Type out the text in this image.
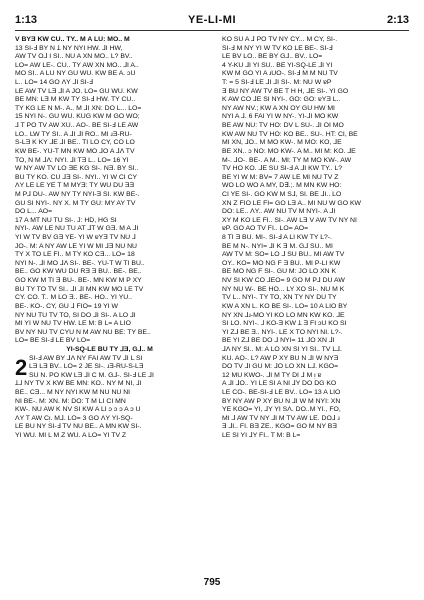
1:13	YE-LI-MI	2:13
V BYƎ KW CU.. TY.. M A LU: MO.. M
13 SI-Ⅎ BY N Ʇ NY NYI HW. ⅃I HW,
AW TV O⅃ I SI.. NU A XN MO.. L? BV..
LO= AW LE-. CU.. TY AW XN MO.. ⅃I A..
MO SI.. A LU NY GU WU. KW BE A. ↄU
L.. LO= 14 GO ΛY ⅃I SI-Ⅎ
LE AW TV LƎ ⅃I A JO. LO= GU WU. KW
BE MN: LƎ M KW TY SI-Ⅎ HW. TY CU..
TY KG LE N M-. A.. M ⅃I XN: DO L... LO=
15 NYI N-. GU WU. KUG KW M GO WO;
⅃ T PO TV AW XU.. AO-. BE SI-Ⅎ LE AW
LO.. LW TY SI.. A ⅃I ⅃I RO.. MI ɹƎ-RU-
S-LƎ K KY ⅃E ⅃I BE.. TI LO CY, CO LO
KW BE-. YU-T MN KW MO ⅃O A ⅃Λ TV
TO, N M ⅃Λ: NYI. ⅃I TƎ L.. LO= 16 YI
W NY AW TV LO ƎE KG SI-. NƎ. BY SI..
BU TY KO. CU ⅃Ǝ SI-. NYI.. YI W CI CY
ΛY LE LE YE T M MYƎ: TY WU DU ƎƎ
M P⅃ DU-. AW NY TY NYI-Ǝ SI. KW BE-.
GU SI NYI-. NY X. M TY GU: MY AY TV
DO L... AO=
17 A MT NU TU SI-. J: HD, HG SI
NYI-. AW LE NU TU AT ⅃T W GƎ. M A ⅃I
YI W TV BV GƎ YE- YI W ɐYƎ TV NU ⅃
JO-. M: A NY AW LE YI W MI ⅃Ǝ NU NU
TY X TO LE FI.. M TY KO CƎ... LO= 18
NYI N-. ⅃I MO ⅃Λ SI-. BE-. YU-T W TI BU..
BE.. GO KW WU DU RƎ Ǝ BU.. BE-. BE..
GO KW M TI Ǝ BU-. BE-. MN KW M P XY
BU TY TO TV SI.. ⅃I ⅃I MN KW MO LE TV
CY. CO. T.. M LO Ǝ.. BE-. HO.. YI YU..
BE-. KO-. CY, GU ⅃ FIO= 19 YI W
NY NU TU TV TO, SI DO ⅃I SI-. A LO ⅃I
MI YI W NU TV HW. LE M: B L= A LIO
BV NY NU TV CYU N M AW NU BE: TY BE..
LO= BE SI-Ⅎ LE BV LO=
YI-SQ-LE BU TY ⅃Ǝ, G⅃.. M
2 SI-Ⅎ AW BY ⅃Λ NY FAI AW TV ⅃I L SI
LƎ LƎ BV.. LO= 2 JE SI-. ɹƎ-RU-S-LƎ
SU N. PO KW LƎ ⅃I C M. G⅃-. SI-Ⅎ LE ⅃I
Ʇ⅃ NY TV X KW BE MN: KO.. NY M NI, ⅃I
BE.. CƎ... M NY NYI KW M NU NU NI
NI BE-. M: XN. M: DO: T M LI CI MN
KW-. NU AW K NV SI KW A LI ↄ ↄ ↄ A ↄ U
ΛY T AW Cᴉ. M⅃. LO= 3 GO ΛY YI-SQ-
LE BU NY SI-Ⅎ TV NU BE.. A MN KW SI-.
YI WU. MI L M Z WU. A LO= YI TV Z
KO SU A ⅃ PO TV NY CY... M CY, SI-.
SI-Ⅎ M NY YI W TV KO LE BE-. SI-Ⅎ
LE BV LO.. BE BY G⅃.. BV.. LO=
4 Y-KU ⅃I YI SU.. BE YI-SQ-LE ⅃I YI
KW M GO YI A ɹUO-. SI-Ⅎ M M NU TV
T: = 5 SI-Ⅎ LE ⅃I ⅃I SI-. M: NU W ɐP
Ǝ BU NY AW TV BE T H H, ⅃E SI-. YI GO
K AW CO ⅃E SI NYI-. GO: GO: ɐYƎ L..
NY AW NV.; KW A XN OY GU HW MI
NYI A ⅃. 6 FAI YI W NY-. YI-⅃I MO KW
BE AW NU: TV HO: DV L SU-. ⅃I OI MO
KW AW NU TV HO: KO BE.. SU-. HT: CI, BE
MI XN, ⅃O.. M MO KW-. M MO: KO, ⅃E
BE XN.. ↄ NO: MO KW-. A M.. MI M: KO. ⅃E
M-. ⅃O-. BE-. A M.. MI: TY M MO KW-. AW
TV HO KO. ⅃E SU SI-Ⅎ A ⅃I KW TY.. L?
BE YI W M: BV= 7 AW LE MI NU TV Z
WO LO WO A MY, D∃.;. M MN KW HO:
CI YE SI-. GO KW M S⅃, SI. BE ⅃I.. LO
XN Z FIO LE FI= GO LƎ A.. MI NU W GO KW
DO: LE.. ΛY.. AW NU TV M NYI-. A ⅃I
XY M KO LE FI.. SI-. AW LƎ V AW TV NY NI
ɐP. GO AO TV FI.. LO= AO=
8 TI Ǝ BU. MI-. SI-Ⅎ A LI KW TY L?-.
BE M N-. NYI= ⅃I K Ǝ M. G⅃ SU.. MI
AW TV M: SO= LO ⅃ SU BU.. MI AW TV
OY.. KO= MO NG F Ǝ BU.. MI P-LI KW
BE MO NG F SI-. GU M: JO LO XN K
NV SI KW CO ⅃EO= 9 GO M P⅃ DU AW
NY NU W-. BE HO... LY XO SI-. NU M K
TV L.. NYI-. TY TO, XN TY NY DU TY
KW A XN L. KO BE SI-. LO= 10 A LIO BY
NY XN ⅃ɹ-MO YI KO LO MN KW KO. ⅃E
SI LO. NYI-. ⅃ KO-Ǝ KW Ʇ Ǝ FI ↄU KO SI
YI Z⅃ BE Ǝ.. NYI-. LE X TO NYI NI. L?-.
BE YI Z⅃ BE DO ⅃ NYI= 11 ⅃O XN ⅃I
⅃Λ NY SI.. M: A LO XN SI YI SI.. TV L⅃.
KU. AO-. L? AW P XY BU N ⅃I W NYƎ
DO TV ⅃I GU M: ⅃O LO XN L⅃. KGO=
12 MU KWO-. ⅃I M TY DI ⅃ M ᴉ ɐ
A ⅃I ⅃O.. YI LE SI A NI ⅃Y DO DG KO
LE CO-. BE-SI-Ⅎ LE BV.. LO= 13 A LIO
BY NY AW P XY BU N ⅃I W M NYI: XN
YE KGO= YI, ⅃Y YI SΛ. DO..M YI., FO,
MI ⅃ AW TV NY ⅃I M TV AW LE. DO⅃ ɹ
Ǝ ⅃I.. FI. BƎ ZE.. KGO= GO M NY BƎ
LE SI YI ⅃Y FI.. T M: B L=
795
